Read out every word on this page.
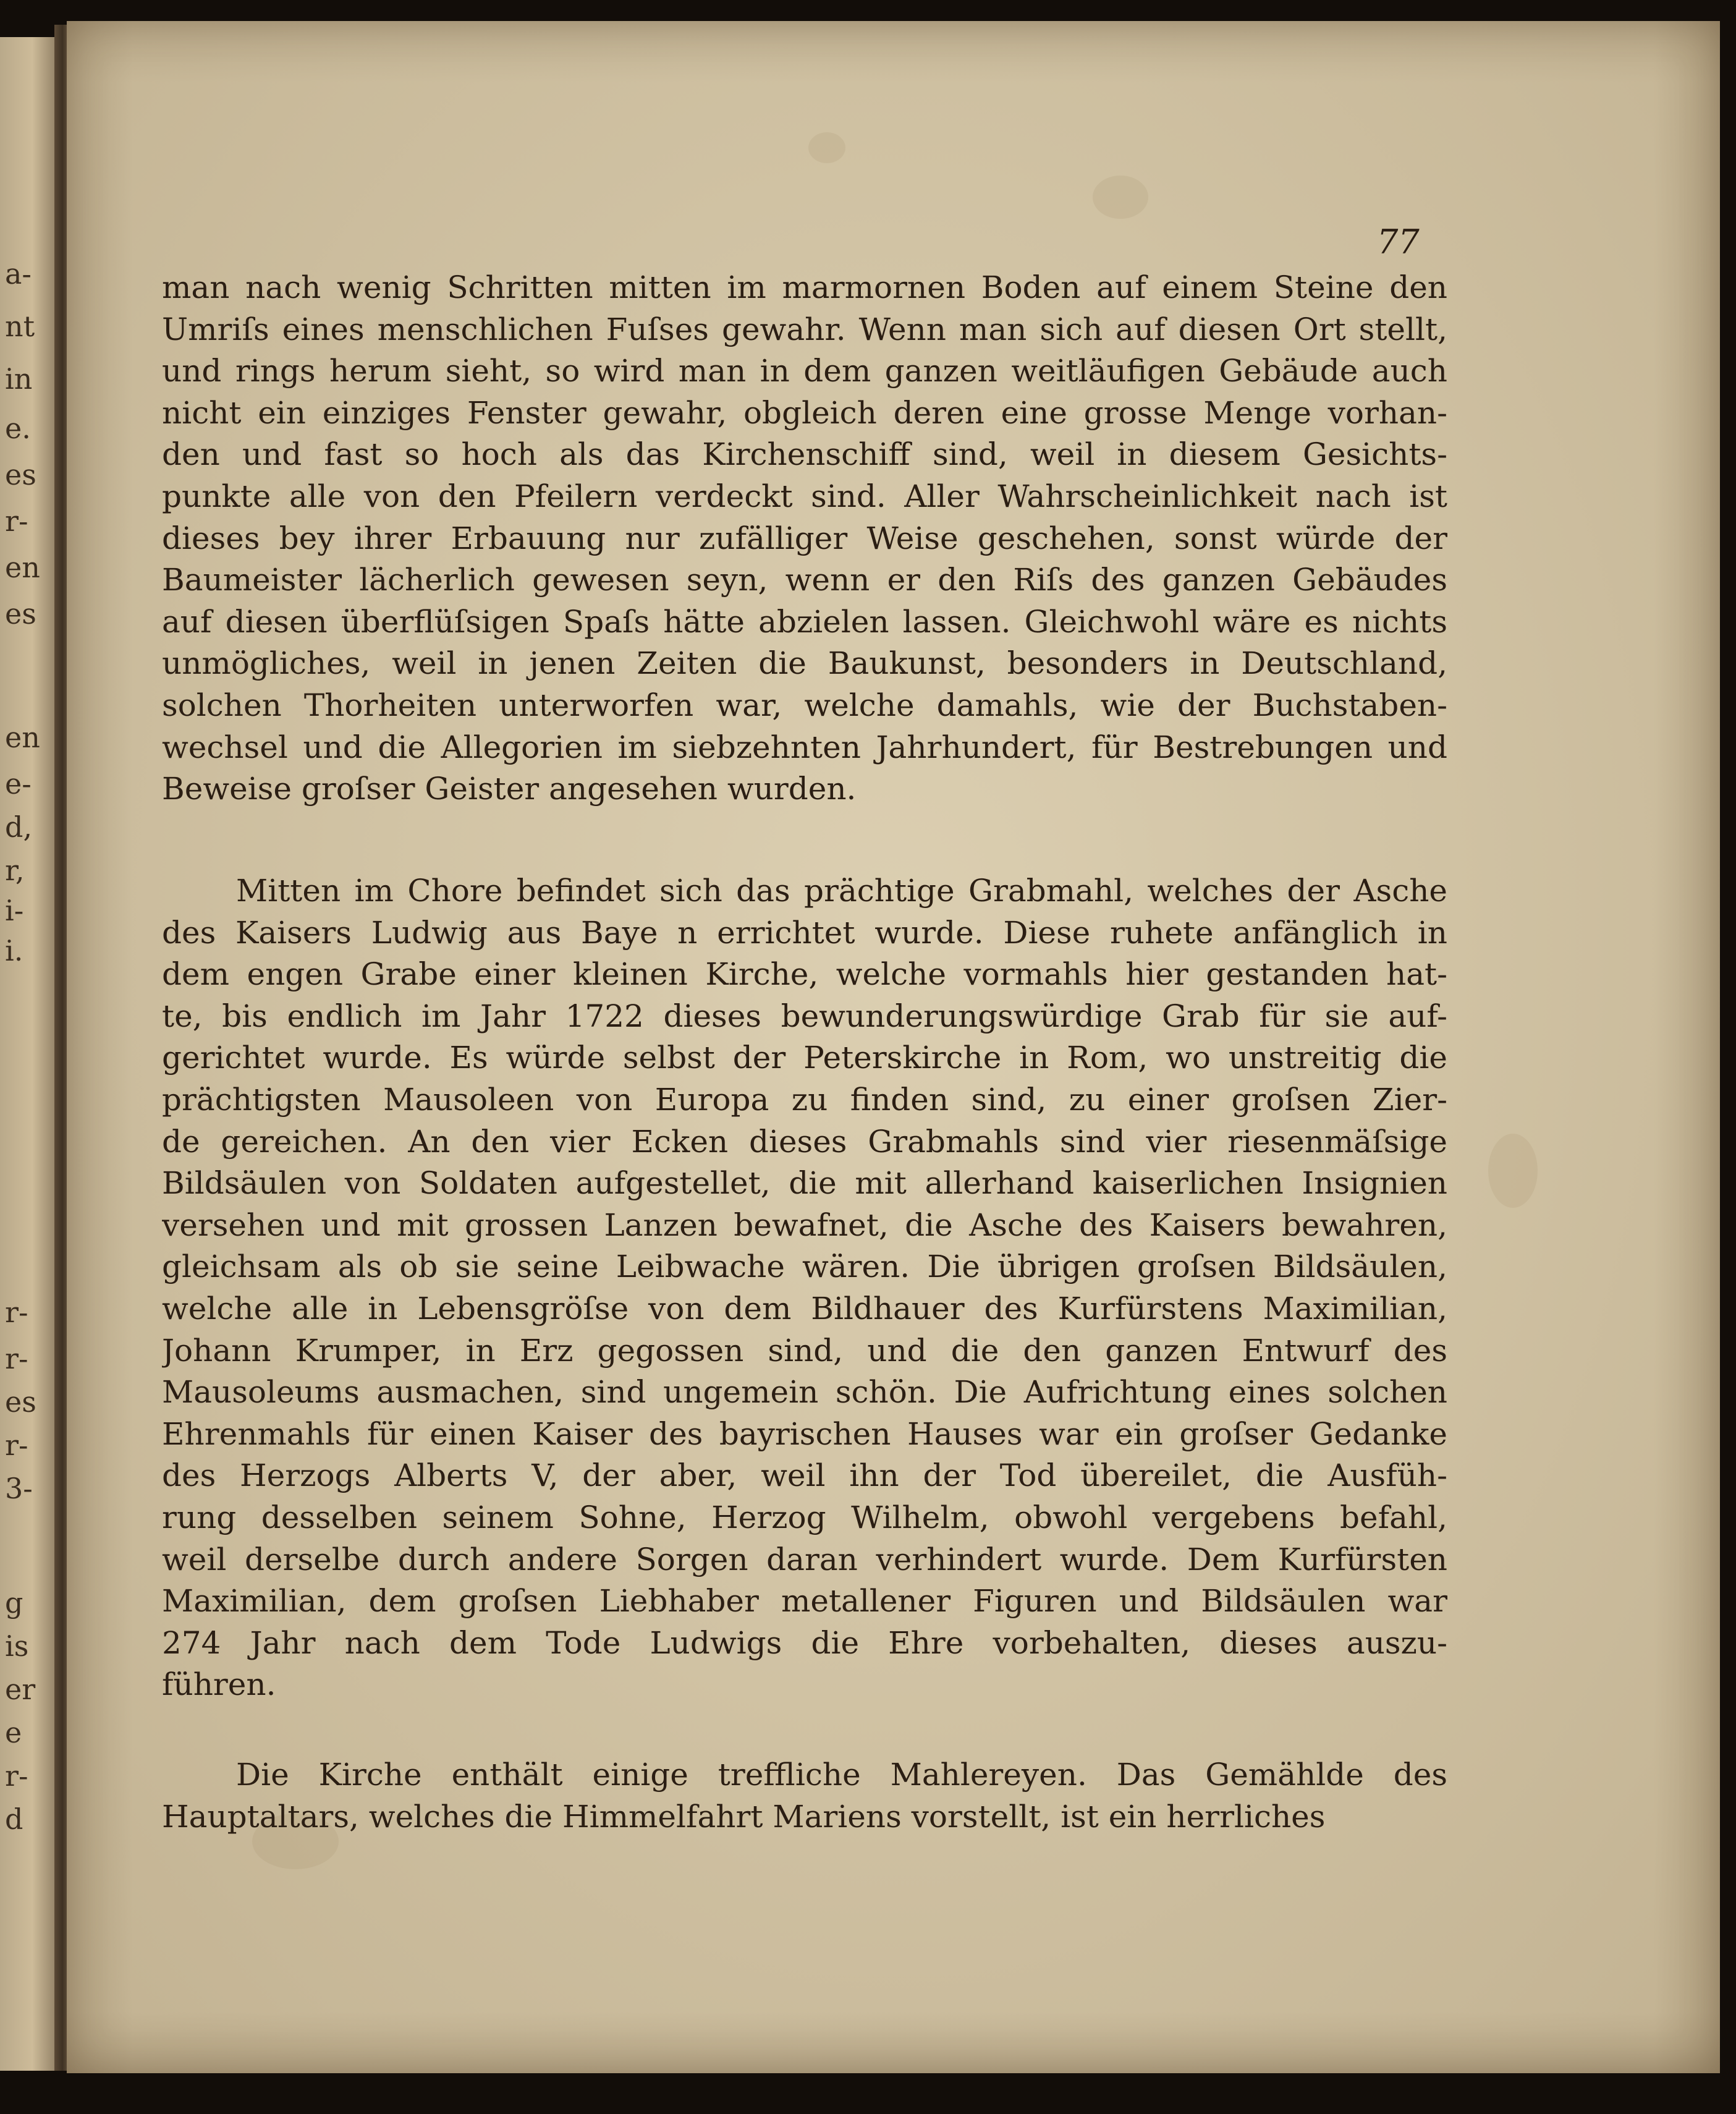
a-
nt
in
e.
es
r-
en
es
en
e-
d,
r,
i-
i.
r-
r-
es
r-
3-
g
is
er
e
r-
d
77
man nach wenig Schritten mitten im marmornen Boden auf einem Steine den
Umriſs eines menschlichen Fuſses gewahr. Wenn man sich auf diesen Ort stellt,
und rings herum sieht, so wird man in dem ganzen weitläufigen Gebäude auch
nicht ein einziges Fenster gewahr, obgleich deren eine grosse Menge vorhan-
den und fast so hoch als das Kirchenschiff sind, weil in diesem Gesichts-
punkte alle von den Pfeilern verdeckt sind. Aller Wahrscheinlichkeit nach ist
dieses bey ihrer Erbauung nur zufälliger Weise geschehen, sonst würde der
Baumeister lächerlich gewesen seyn, wenn er den Riſs des ganzen Gebäudes
auf diesen überflüſsigen Spaſs hätte abzielen lassen. Gleichwohl wäre es nichts
unmögliches, weil in jenen Zeiten die Baukunst, besonders in Deutschland,
solchen Thorheiten unterworfen war, welche damahls, wie der Buchstaben-
wechsel und die Allegorien im siebzehnten Jahrhundert, für Bestrebungen und
Beweise groſser Geister angesehen wurden.
Mitten im Chore befindet sich das prächtige Grabmahl, welches der Asche
des Kaisers Ludwig aus Baye n errichtet wurde. Diese ruhete anfänglich in
dem engen Grabe einer kleinen Kirche, welche vormahls hier gestanden hat-
te, bis endlich im Jahr 1722 dieses bewunderungswürdige Grab für sie auf-
gerichtet wurde. Es würde selbst der Peterskirche in Rom, wo unstreitig die
prächtigsten Mausoleen von Europa zu finden sind, zu einer groſsen Zier-
de gereichen. An den vier Ecken dieses Grabmahls sind vier riesenmäſsige
Bildsäulen von Soldaten aufgestellet, die mit allerhand kaiserlichen Insignien
versehen und mit grossen Lanzen bewafnet, die Asche des Kaisers bewahren,
gleichsam als ob sie seine Leibwache wären. Die übrigen groſsen Bildsäulen,
welche alle in Lebensgröſse von dem Bildhauer des Kurfürstens Maximilian,
Johann Krumper, in Erz gegossen sind, und die den ganzen Entwurf des
Mausoleums ausmachen, sind ungemein schön. Die Aufrichtung eines solchen
Ehrenmahls für einen Kaiser des bayrischen Hauses war ein groſser Gedanke
des Herzogs Alberts V, der aber, weil ihn der Tod übereilet, die Ausfüh-
rung desselben seinem Sohne, Herzog Wilhelm, obwohl vergebens befahl,
weil derselbe durch andere Sorgen daran verhindert wurde. Dem Kurfürsten
Maximilian, dem groſsen Liebhaber metallener Figuren und Bildsäulen war
274 Jahr nach dem Tode Ludwigs die Ehre vorbehalten, dieses auszu-
führen.
Die Kirche enthält einige treffliche Mahlereyen. Das Gemählde des
Hauptaltars, welches die Himmelfahrt Mariens vorstellt, ist ein herrliches
